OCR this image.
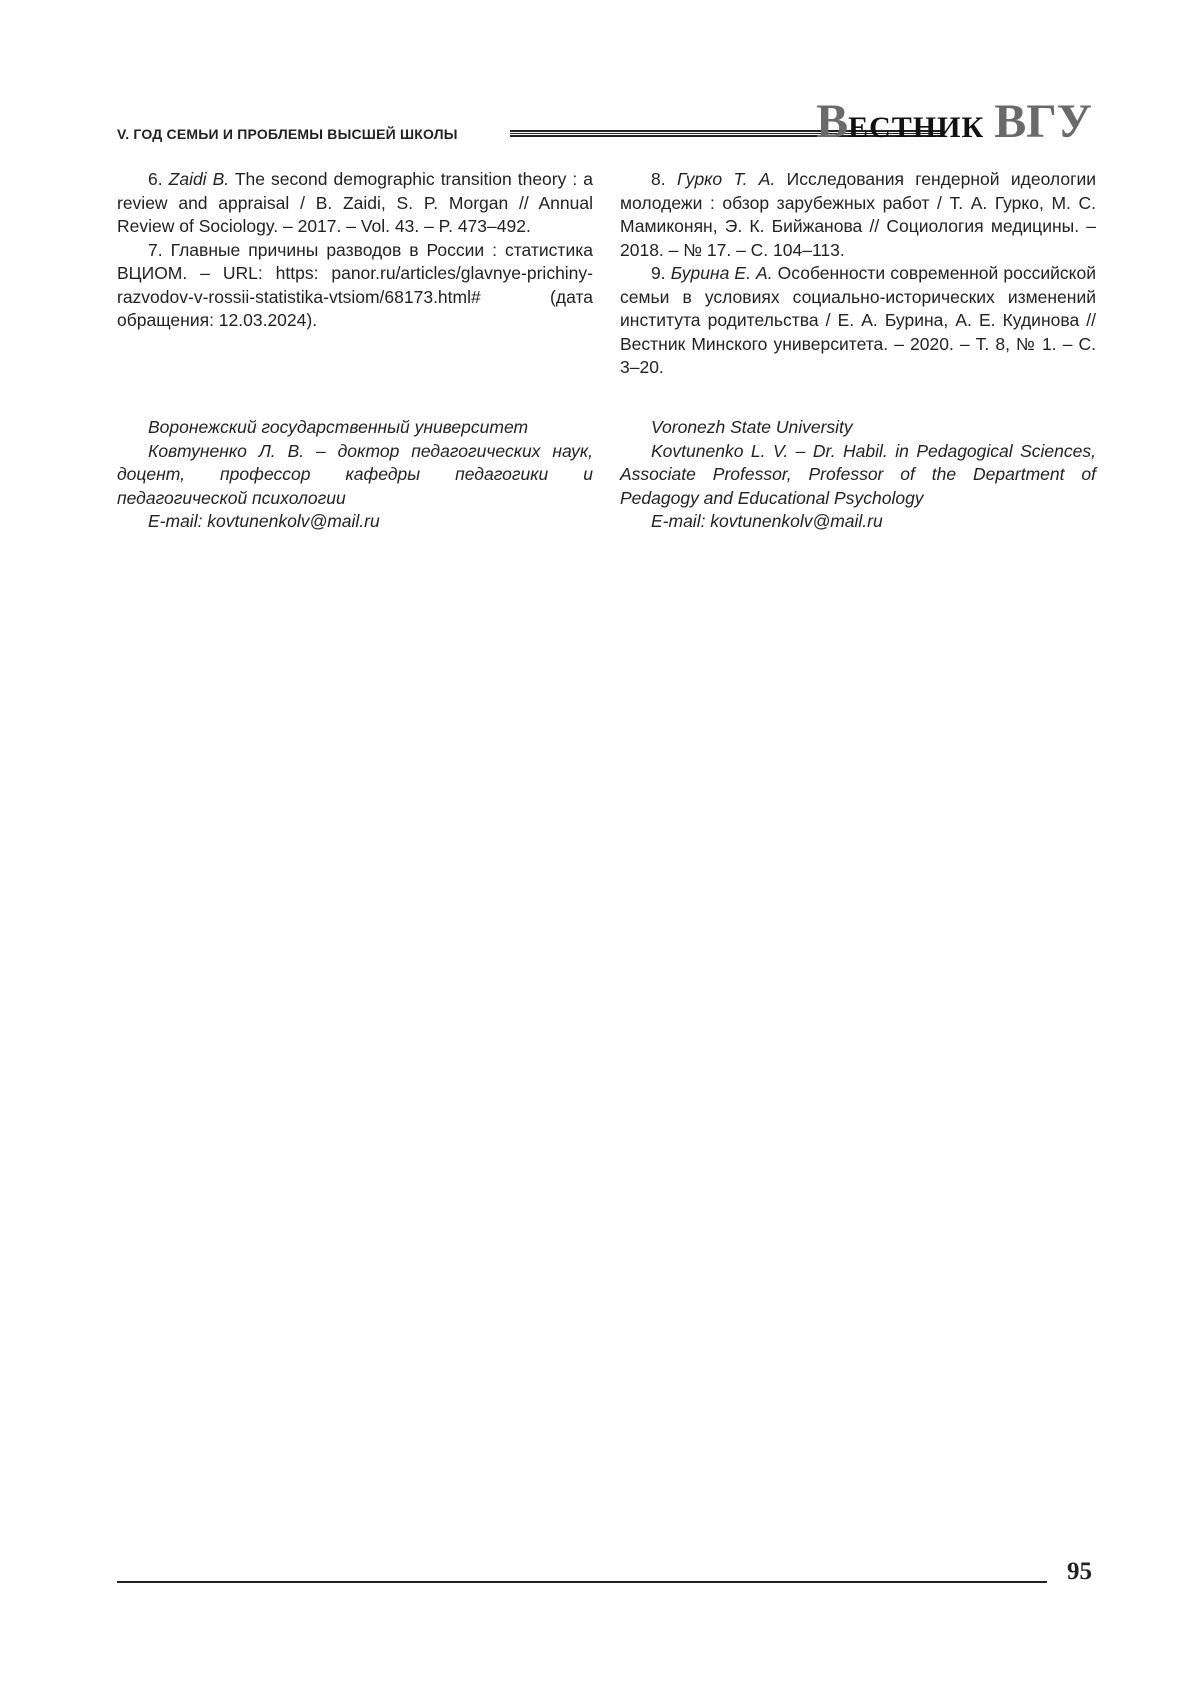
V. ГОД СЕМЬИ И ПРОБЛЕМЫ ВЫСШЕЙ ШКОЛЫ	ВЕСТНИК ВГУ

6. Zaidi B. The second demographic transition theory : a review and appraisal / B. Zaidi, S. P. Morgan // Annual Review of Sociology. – 2017. – Vol. 43. – P. 473–492.

7. Главные причины разводов в России : статистика ВЦИОМ. – URL: https: panor.ru/articles/glavnye-prichiny-razvodov-v-rossii-statistika-vtsiom/68173.html# (дата обращения: 12.03.2024).

8. Гурко Т. А. Исследования гендерной идеологии молодежи : обзор зарубежных работ / Т. А. Гурко, М. С. Мамиконян, Э. К. Бийжанова // Социология медицины. – 2018. – № 17. – С. 104–113.

9. Бурина Е. А. Особенности современной российской семьи в условиях социально-исторических изменений института родительства / Е. А. Бурина, А. Е. Кудинова // Вестник Минского университета. – 2020. – Т. 8, № 1. – С. 3–20.

Воронежский государственный университет

Ковтуненко Л. В. – доктор педагогических наук, доцент, профессор кафедры педагогики и педагогической психологии

E-mail: kovtunenkolv@mail.ru

Voronezh State University

Kovtunenko L. V. – Dr. Habil. in Pedagogical Sciences, Associate Professor, Professor of the Department of Pedagogy and Educational Psychology

E-mail: kovtunenkolv@mail.ru

95
